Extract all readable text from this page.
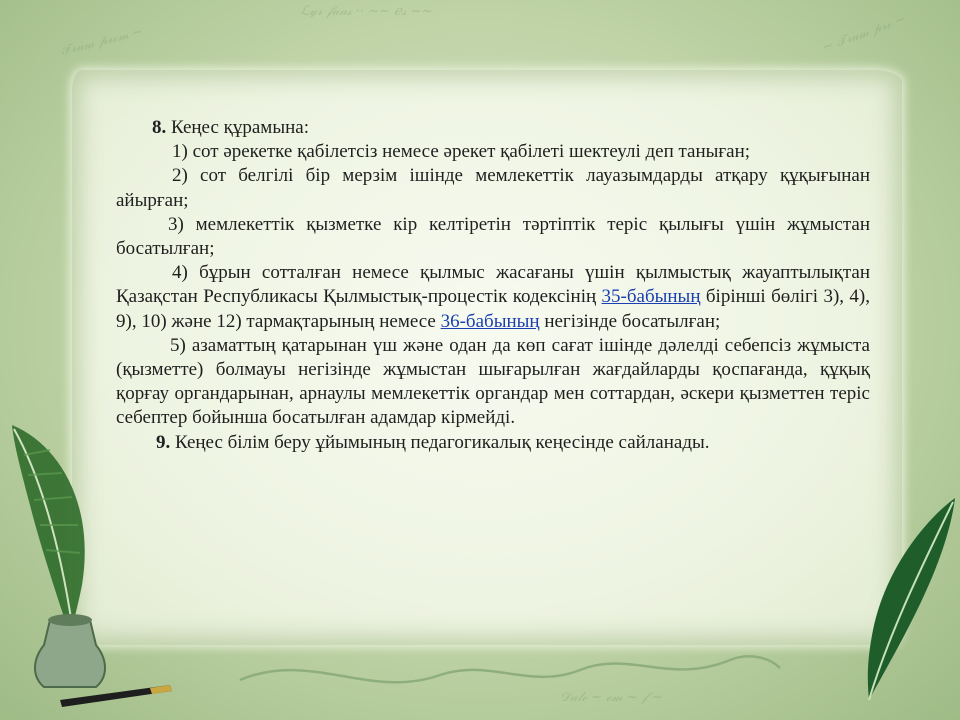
ℒ𝓎𝓇 𝒻𝒶𝓊𝓈 ·· ~~ ℯ𝓈 ~~
𝒯𝓇𝓊𝓂 𝓅𝓇ℴ𝓂 ~	~ 𝒯𝓇𝓊𝓂 𝓅𝓇ℴ ~
𝒟𝒶𝓁ℯ ~ ℴ𝓂 ~ 𝒻 ~

8. Кеңес құрамына:

1) сот әрекетке қабілетсіз немесе әрекет қабілеті шектеулі деп таныған;

2) сот белгілі бір мерзім ішінде мемлекеттік лауазымдарды атқару құқығынан айырған;

3) мемлекеттік қызметке кір келтіретін тәртіптік теріс қылығы үшін жұмыстан босатылған;

4) бұрын сотталған немесе қылмыс жасағаны үшін қылмыстық жауаптылықтан Қазақстан Республикасы Қылмыстық-процестік кодексінің 35-бабының бірінші бөлігі 3), 4), 9), 10) және 12) тармақтарының немесе 36-бабының негізінде босатылған;

5) азаматтың қатарынан үш және одан да көп сағат ішінде дәлелді себепсіз жұмыста (қызметте) болмауы негізінде жұмыстан шығарылған жағдайларды қоспағанда, құқық қорғау органдарынан, арнаулы мемлекеттік органдар мен соттардан, әскери қызметтен теріс себептер бойынша босатылған адамдар кірмейді.

9. Кеңес білім беру ұйымының педагогикалық кеңесінде сайланады.
